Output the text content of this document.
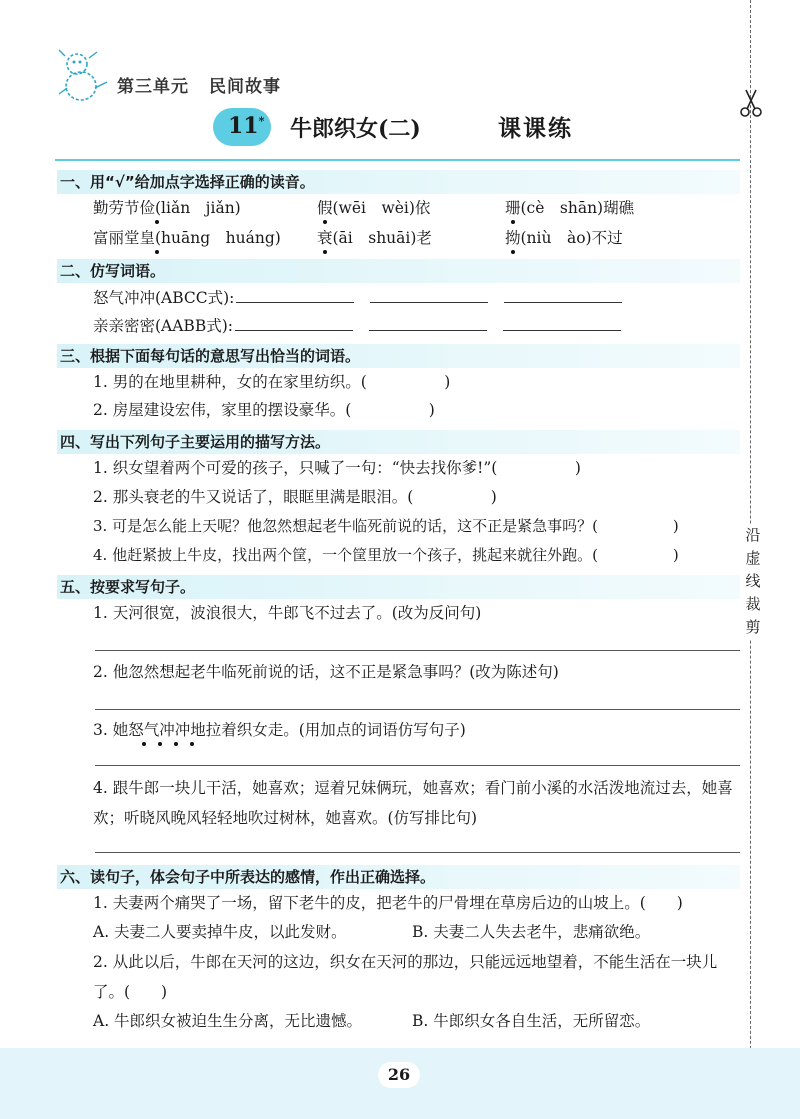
第三单元 民间故事
11* 牛郎织女(二)	课课练
沿
虚
线
裁
剪
一、用“√”给加点字选择正确的读音。
勤劳节俭(liǎn　jiǎn)	假(wēi　wèi)依	珊(cè　shān)瑚礁
富丽堂皇(huāng　huáng) 衰(āi　shuāi)老	拗(niù　ào)不过
二、仿写词语。
怒气冲冲(ABCC式):
亲亲密密(AABB式):
三、根据下面每句话的意思写出恰当的词语。
1. 男的在地里耕种，女的在家里纺织。(　　　　　)
2. 房屋建设宏伟，家里的摆设豪华。(　　　　　)
四、写出下列句子主要运用的描写方法。
1. 织女望着两个可爱的孩子，只喊了一句：“快去找你爹!”(　　　　　)
2. 那头衰老的牛又说话了，眼眶里满是眼泪。(　　　　　)
3. 可是怎么能上天呢？他忽然想起老牛临死前说的话，这不正是紧急事吗？(　　　　　)
4. 他赶紧披上牛皮，找出两个筐，一个筐里放一个孩子，挑起来就往外跑。(　　　　　)
五、按要求写句子。
1. 天河很宽，波浪很大，牛郎飞不过去了。(改为反问句)
2. 他忽然想起老牛临死前说的话，这不正是紧急事吗？(改为陈述句)
3. 她怒气冲冲地拉着织女走。(用加点的词语仿写句子)
4. 跟牛郎一块儿干活，她喜欢；逗着兄妹俩玩，她喜欢；看门前小溪的水活泼地流过去，她喜欢；听晓风晚风轻轻地吹过树林，她喜欢。(仿写排比句)
六、读句子，体会句子中所表达的感情，作出正确选择。
1. 夫妻两个痛哭了一场，留下老牛的皮，把老牛的尸骨埋在草房后边的山坡上。(　　)
A. 夫妻二人要卖掉牛皮，以此发财。	B. 夫妻二人失去老牛，悲痛欲绝。
2. 从此以后，牛郎在天河的这边，织女在天河的那边，只能远远地望着，不能生活在一块儿了。(　　)
A. 牛郎织女被迫生生分离，无比遗憾。	B. 牛郎织女各自生活，无所留恋。
26
